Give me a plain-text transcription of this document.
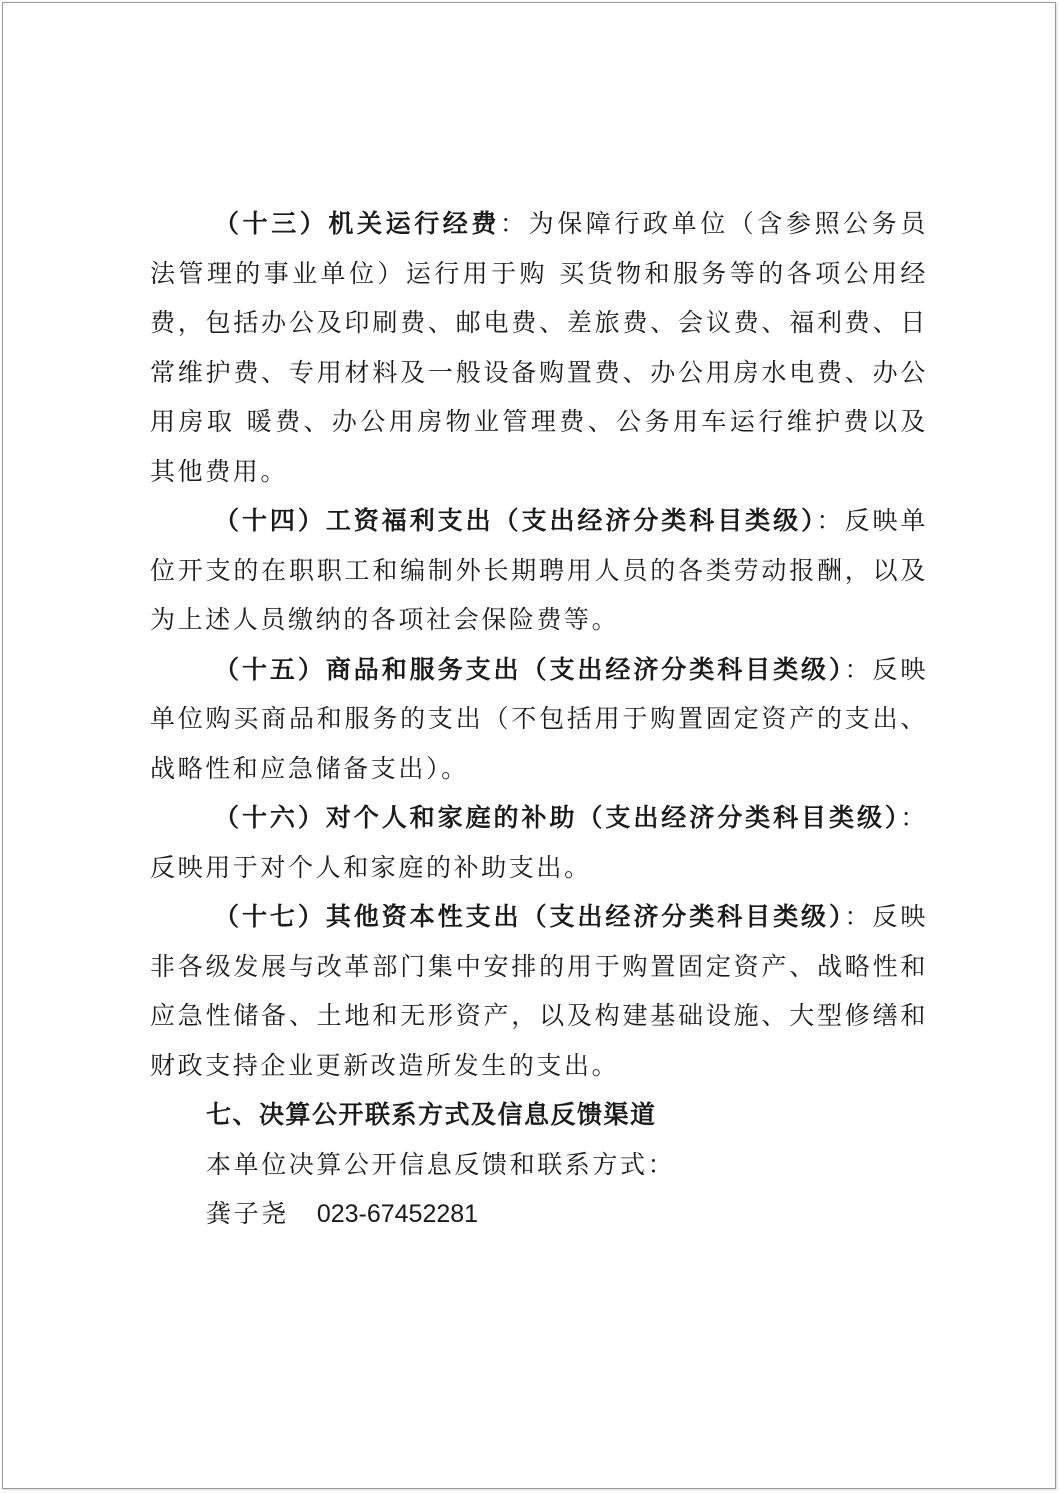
（十三）机关运行经费：为保障行政单位（含参照公务员法管理的事业单位）运行用于购 买货物和服务等的各项公用经费，包括办公及印刷费、邮电费、差旅费、会议费、福利费、日常维护费、专用材料及一般设备购置费、办公用房水电费、办公用房取 暖费、办公用房物业管理费、公务用车运行维护费以及其他费用。

（十四）工资福利支出（支出经济分类科目类级）：反映单位开支的在职职工和编制外长期聘用人员的各类劳动报酬，以及为上述人员缴纳的各项社会保险费等。

（十五）商品和服务支出（支出经济分类科目类级）：反映单位购买商品和服务的支出（不包括用于购置固定资产的支出、战略性和应急储备支出）。

（十六）对个人和家庭的补助（支出经济分类科目类级）：反映用于对个人和家庭的补助支出。

（十七）其他资本性支出（支出经济分类科目类级）：反映非各级发展与改革部门集中安排的用于购置固定资产、战略性和应急性储备、土地和无形资产，以及构建基础设施、大型修缮和财政支持企业更新改造所发生的支出。

七、决算公开联系方式及信息反馈渠道

本单位决算公开信息反馈和联系方式：

龚子尧 023-67452281
